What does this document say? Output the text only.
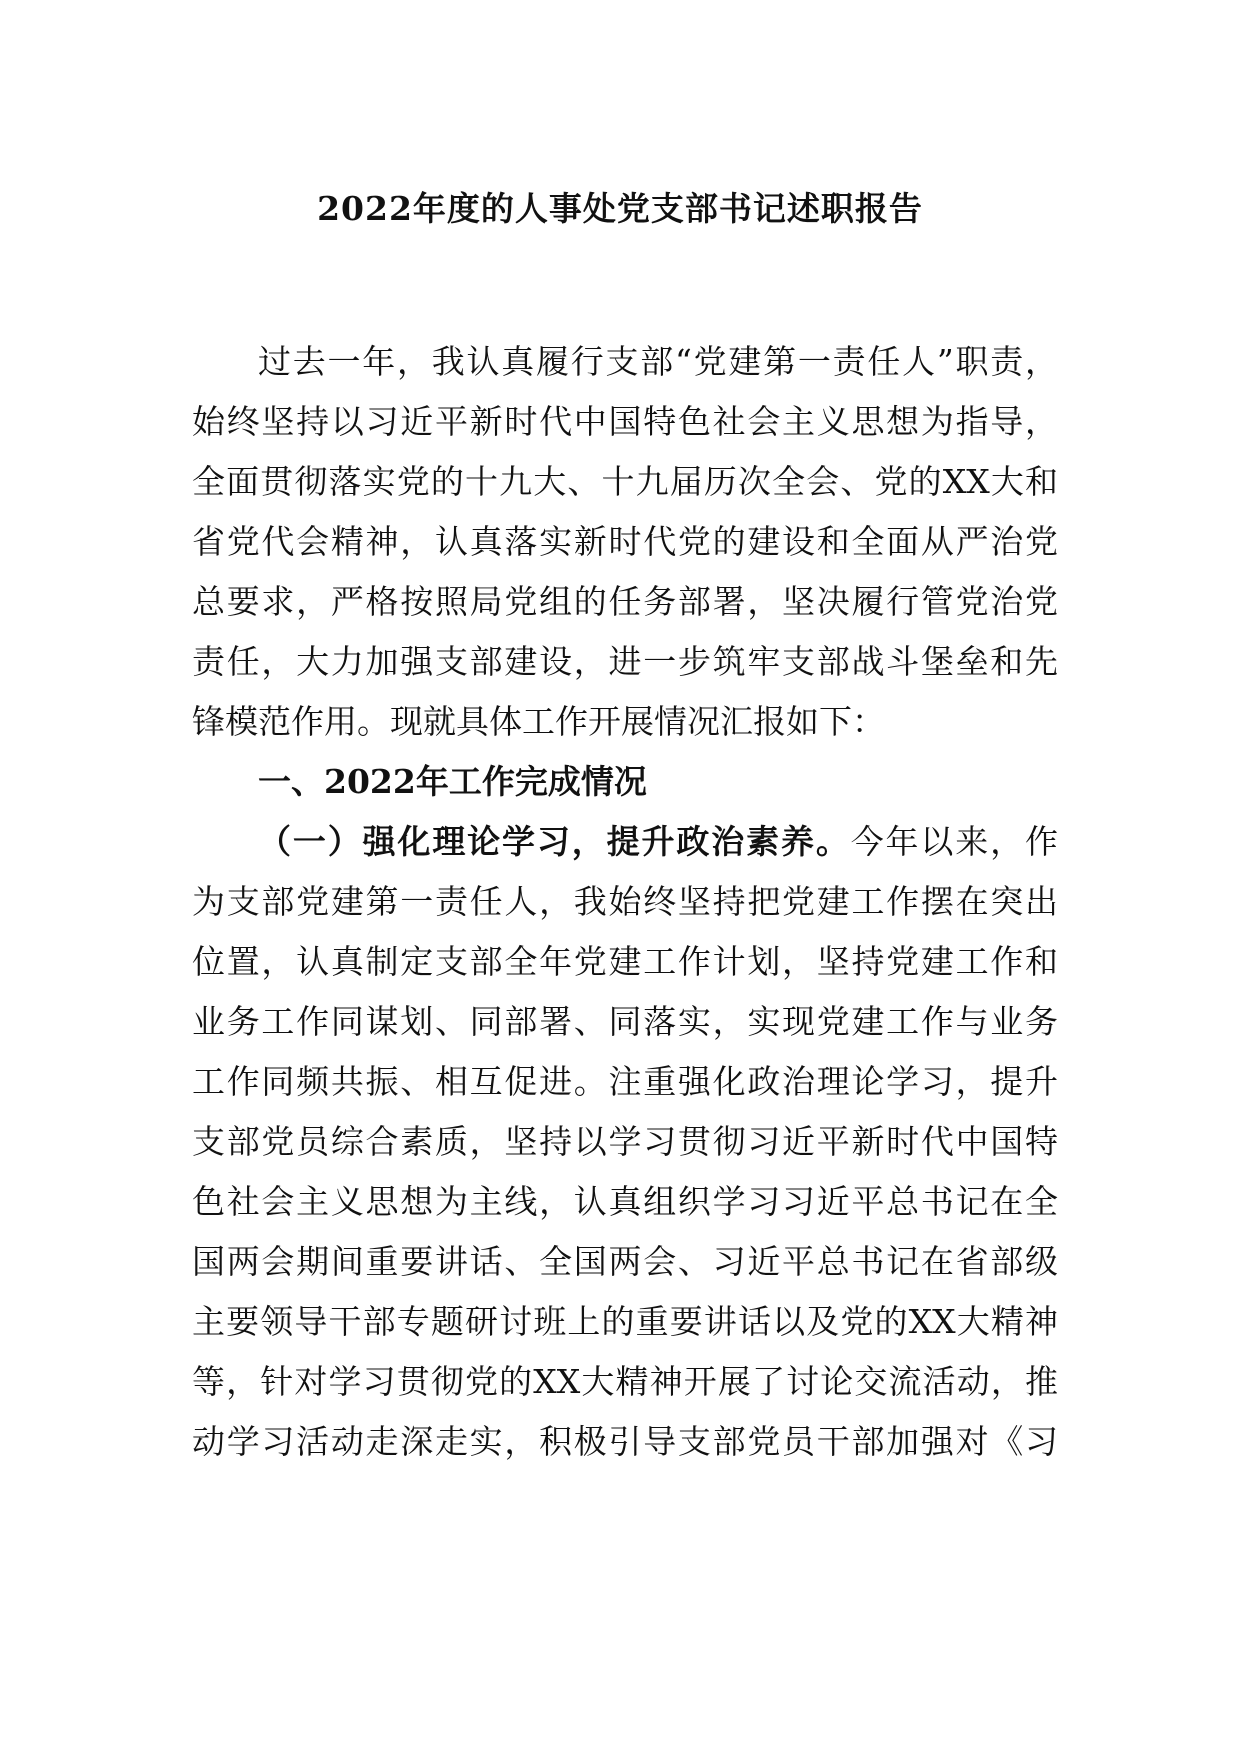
2022年度的人事处党支部书记述职报告
过去一年，我认真履行支部“党建第一责任人”职责，
始终坚持以习近平新时代中国特色社会主义思想为指导，
全面贯彻落实党的十九大、十九届历次全会、党的XX大和
省党代会精神，认真落实新时代党的建设和全面从严治党
总要求，严格按照局党组的任务部署，坚决履行管党治党
责任，大力加强支部建设，进一步筑牢支部战斗堡垒和先
锋模范作用。现就具体工作开展情况汇报如下：
一、2022年工作完成情况
（一）强化理论学习，提升政治素养。今年以来，作
为支部党建第一责任人，我始终坚持把党建工作摆在突出
位置，认真制定支部全年党建工作计划，坚持党建工作和
业务工作同谋划、同部署、同落实，实现党建工作与业务
工作同频共振、相互促进。注重强化政治理论学习，提升
支部党员综合素质，坚持以学习贯彻习近平新时代中国特
色社会主义思想为主线，认真组织学习习近平总书记在全
国两会期间重要讲话、全国两会、习近平总书记在省部级
主要领导干部专题研讨班上的重要讲话以及党的XX大精神
等，针对学习贯彻党的XX大精神开展了讨论交流活动，推
动学习活动走深走实，积极引导支部党员干部加强对《习
